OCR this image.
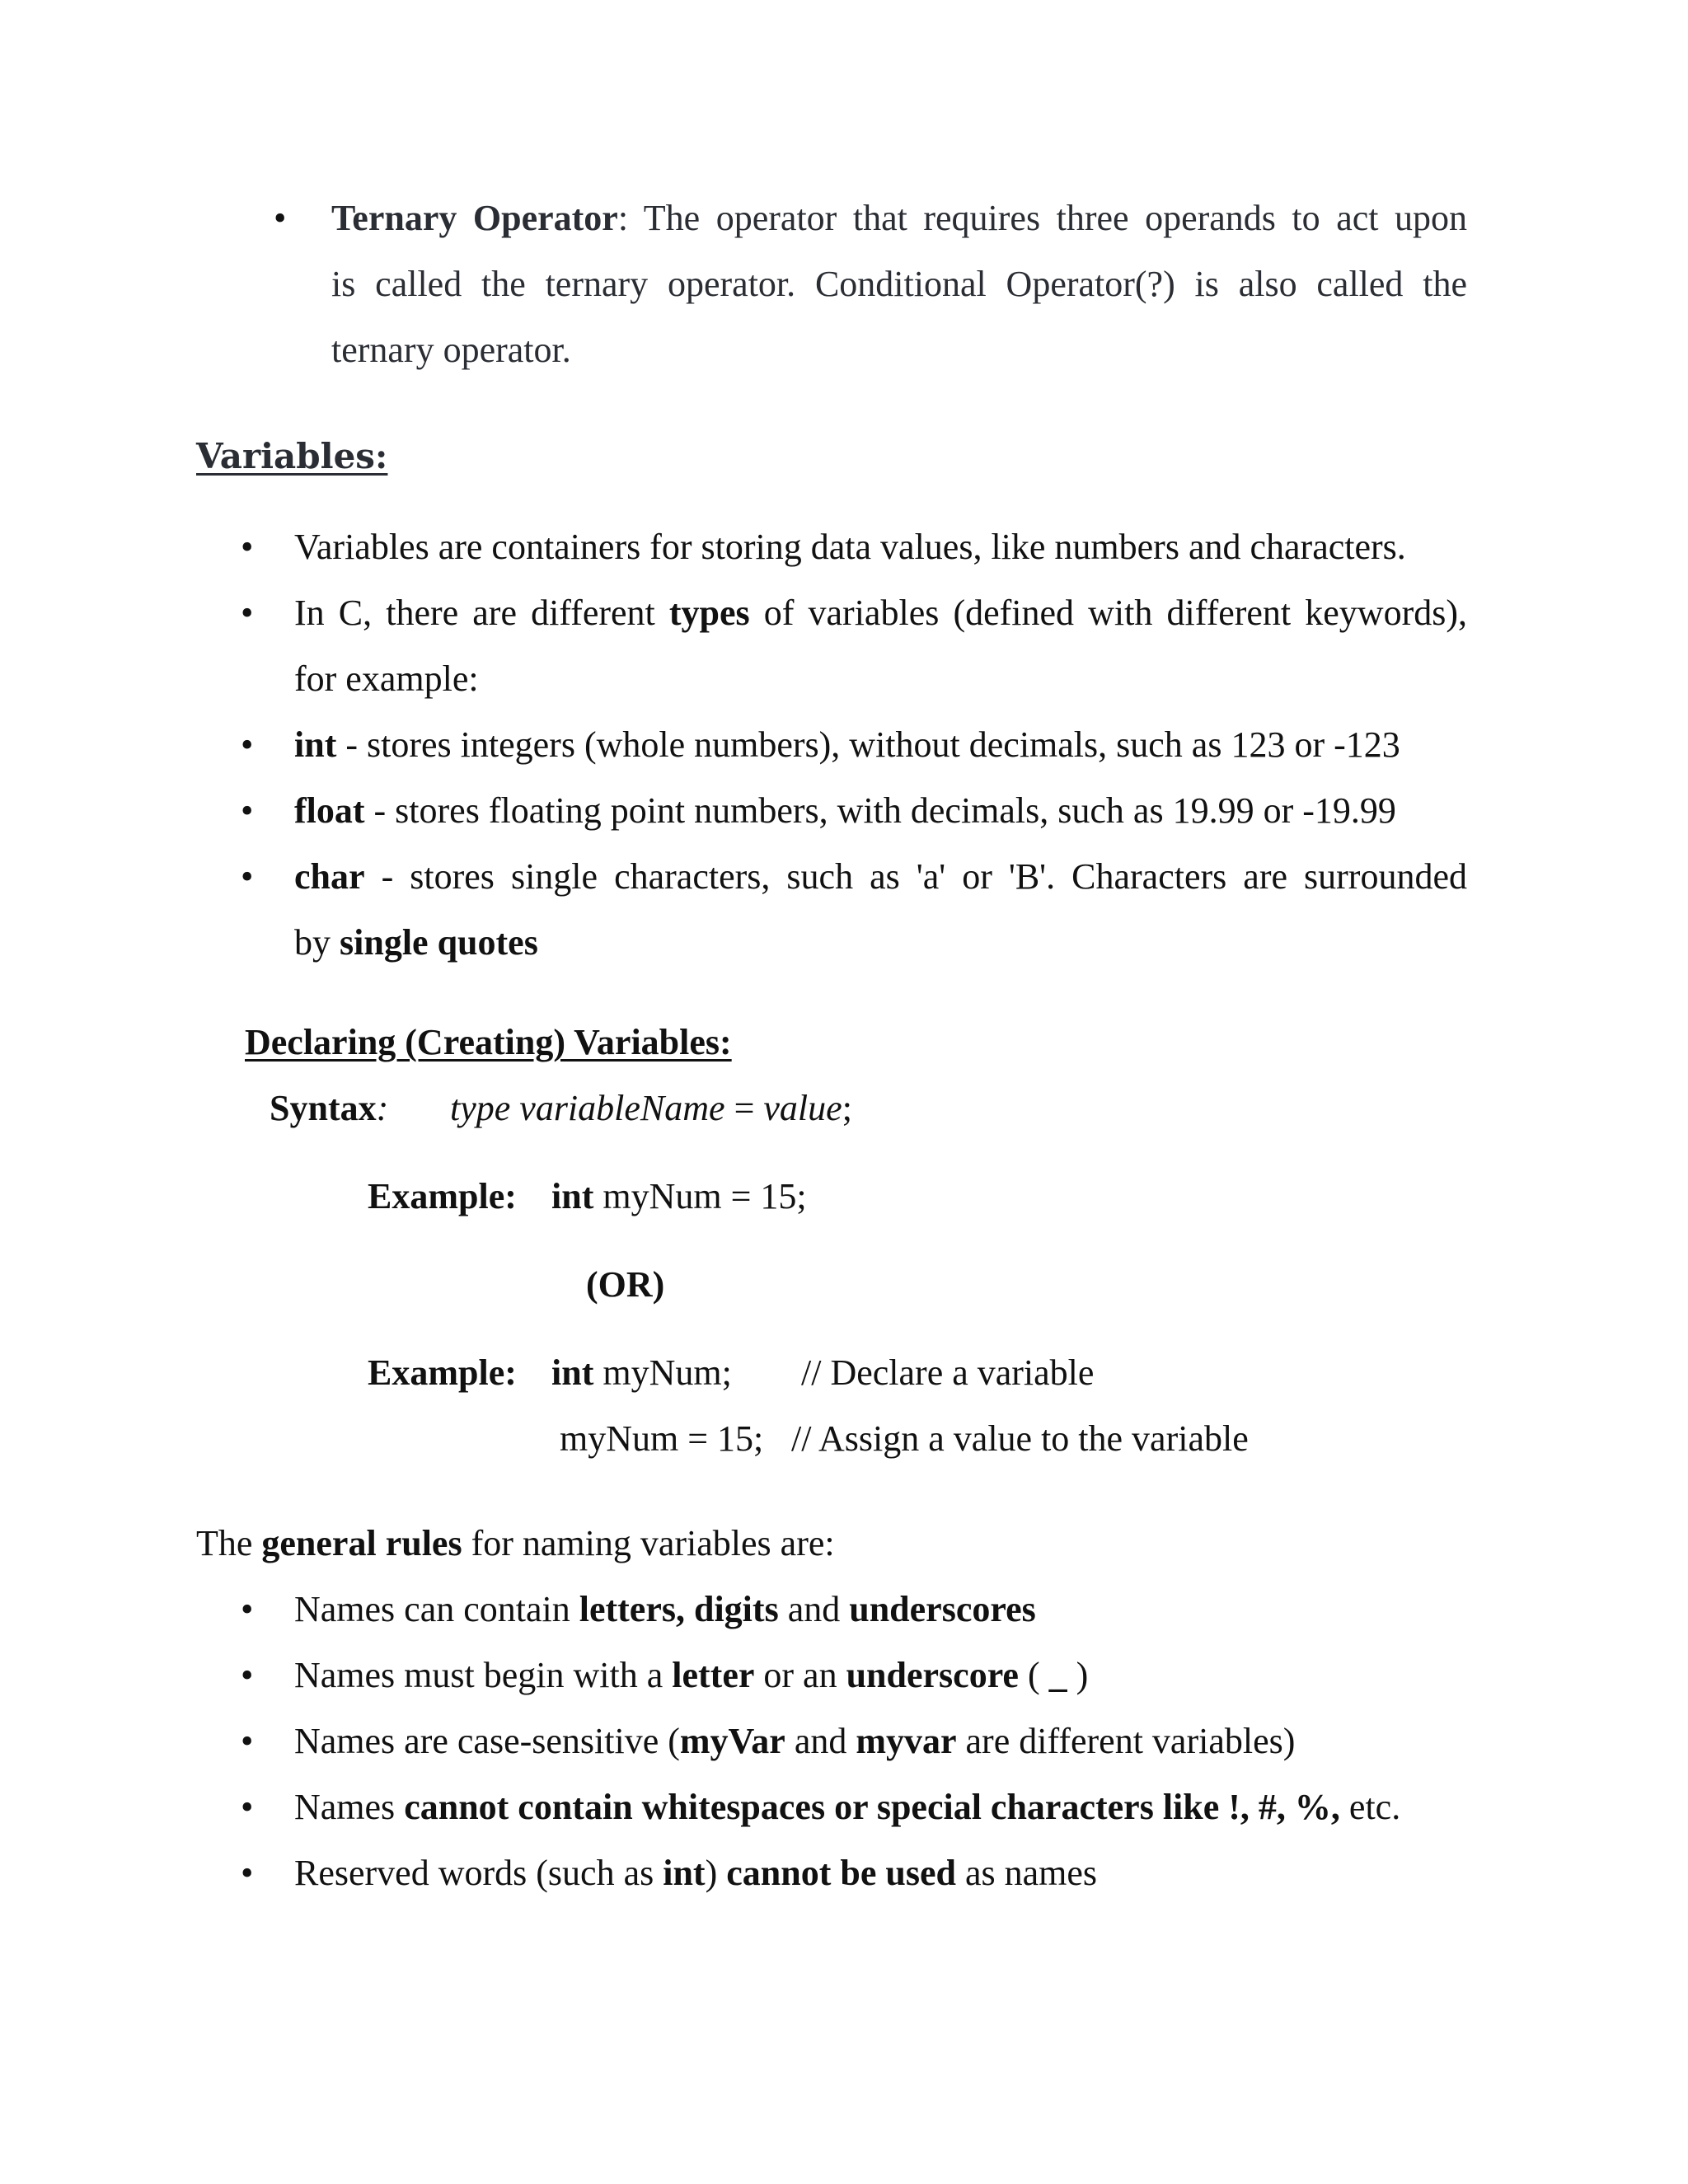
• Ternary Operator: The operator that requires three operands to act upon
is called the ternary operator. Conditional Operator(?) is also called the
ternary operator.
Variables:
• Variables are containers for storing data values, like numbers and characters.
• In C, there are different types of variables (defined with different keywords),
for example:
• int - stores integers (whole numbers), without decimals, such as 123 or -123
• float - stores floating point numbers, with decimals, such as 19.99 or -19.99
• char - stores single characters, such as 'a' or 'B'. Characters are surrounded
by single quotes
Declaring (Creating) Variables:
Syntax: type variableName = value;
Example: int myNum = 15;
(OR)
Example: int myNum; // Declare a variable
myNum = 15; // Assign a value to the variable
The general rules for naming variables are:
• Names can contain letters, digits and underscores
• Names must begin with a letter or an underscore ( _ )
• Names are case-sensitive (myVar and myvar are different variables)
• Names cannot contain whitespaces or special characters like !, #, %, etc.
• Reserved words (such as int) cannot be used as names
